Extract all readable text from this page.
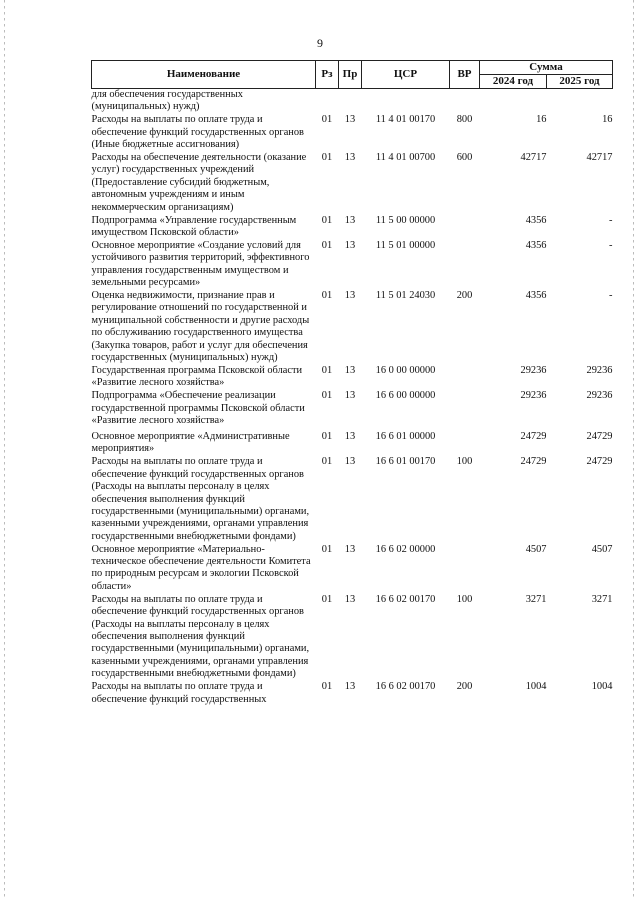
9
Наименование	Рз	Пр	ЦСР	ВР	Сумма	
					2024 год	2025 год
для обеспечения государственных (муниципальных) нужд)						
Расходы на выплаты по оплате труда и обеспечение функций государственных органов (Иные бюджетные ассигнования)	01	13	11 4 01 00170	800	16	16
Расходы на обеспечение деятельности (оказание услуг) государственных учреждений (Предоставление субсидий бюджетным, автономным учреждениям и иным некоммерческим организациям)	01	13	11 4 01 00700	600	42717	42717
Подпрограмма «Управление государственным имуществом Псковской области»	01	13	11 5 00 00000		4356	-
Основное мероприятие «Создание условий для устойчивого развития территорий, эффективного управления государственным имуществом и земельными ресурсами»	01	13	11 5 01 00000		4356	-
Оценка недвижимости, признание прав и регулирование отношений по государственной и муниципальной собственности и другие расходы по обслуживанию государственного имущества (Закупка товаров, работ и услуг для обеспечения государственных (муниципальных) нужд)	01	13	11 5 01 24030	200	4356	-
Государственная программа Псковской области «Развитие лесного хозяйства»	01	13	16 0 00 00000		29236	29236
Подпрограмма «Обеспечение реализации государственной программы Псковской области «Развитие лесного хозяйства»	01	13	16 6 00 00000		29236	29236

Основное мероприятие «Административные мероприятия»	01	13	16 6 01 00000		24729	24729
Расходы на выплаты по оплате труда и обеспечение функций государственных органов (Расходы на выплаты персоналу в целях обеспечения выполнения функций государственными (муниципальными) органами, казенными учреждениями, органами управления государственными внебюджетными фондами)	01	13	16 6 01 00170	100	24729	24729
Основное мероприятие «Материально-техническое обеспечение деятельности Комитета по природным ресурсам и экологии Псковской области»	01	13	16 6 02 00000		4507	4507
Расходы на выплаты по оплате труда и обеспечение функций государственных органов (Расходы на выплаты персоналу в целях обеспечения выполнения функций государственными (муниципальными) органами, казенными учреждениями, органами управления государственными внебюджетными фондами)	01	13	16 6 02 00170	100	3271	3271
Расходы на выплаты по оплате труда и обеспечение функций государственных	01	13	16 6 02 00170	200	1004	1004
